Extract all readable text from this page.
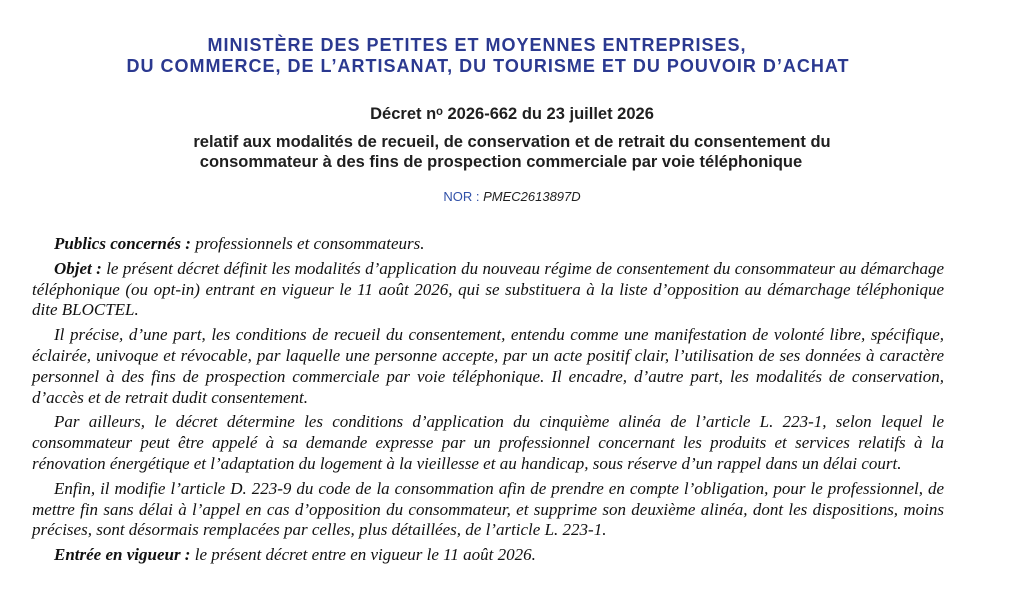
MINISTÈRE DES PETITES ET MOYENNES ENTREPRISES,
DU COMMERCE, DE L’ARTISANAT, DU TOURISME ET DU POUVOIR D’ACHAT
Décret nᵒ 2026-662 du 23 juillet 2026
relatif aux modalités de recueil, de conservation et de retrait du consentement du
consommateur à des fins de prospection commerciale par voie téléphonique
NOR : PMEC2613897D

Publics concernés : professionnels et consommateurs.

Objet : le présent décret définit les modalités d’application du nouveau régime de consentement du consommateur au démarchage téléphonique (ou opt-in) entrant en vigueur le 11 août 2026, qui se substituera à la liste d’opposition au démarchage téléphonique dite BLOCTEL.

Il précise, d’une part, les conditions de recueil du consentement, entendu comme une manifestation de volonté libre, spécifique, éclairée, univoque et révocable, par laquelle une personne accepte, par un acte positif clair, l’utilisation de ses données à caractère personnel à des fins de prospection commerciale par voie téléphonique. Il encadre, d’autre part, les modalités de conservation, d’accès et de retrait dudit consentement.

Par ailleurs, le décret détermine les conditions d’application du cinquième alinéa de l’article L. 223-1, selon lequel le consommateur peut être appelé à sa demande expresse par un professionnel concernant les produits et services relatifs à la rénovation énergétique et l’adaptation du logement à la vieillesse et au handicap, sous réserve d’un rappel dans un délai court.

Enfin, il modifie l’article D. 223-9 du code de la consommation afin de prendre en compte l’obligation, pour le professionnel, de mettre fin sans délai à l’appel en cas d’opposition du consommateur, et supprime son deuxième alinéa, dont les dispositions, moins précises, sont désormais remplacées par celles, plus détaillées, de l’article L. 223-1.

Entrée en vigueur : le présent décret entre en vigueur le 11 août 2026.
